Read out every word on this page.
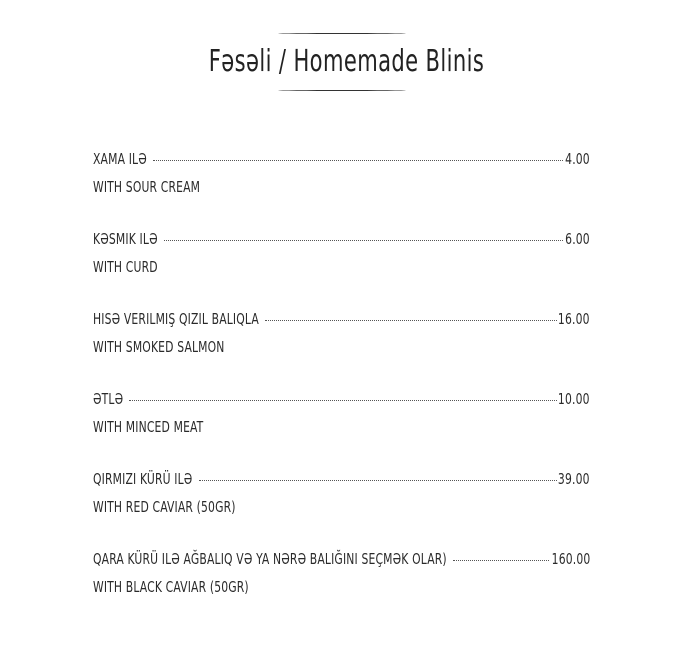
Fəsəli / Homemade Blinis
XAMA ILƏ	4.00
WITH SOUR CREAM
KƏSMIK ILƏ	6.00
WITH CURD
HISƏ VERILMIŞ QIZIL BALIQLA	16.00
WITH SMOKED SALMON
ƏTLƏ	10.00
WITH MINCED MEAT
QIRMIZI KÜRÜ ILƏ	39.00
WITH RED CAVIAR (50GR)
QARA KÜRÜ ILƏ AĞBALIQ VƏ YA NƏRƏ BALIĞINI SEÇMƏK OLAR)	160.00
WITH BLACK CAVIAR (50GR)
